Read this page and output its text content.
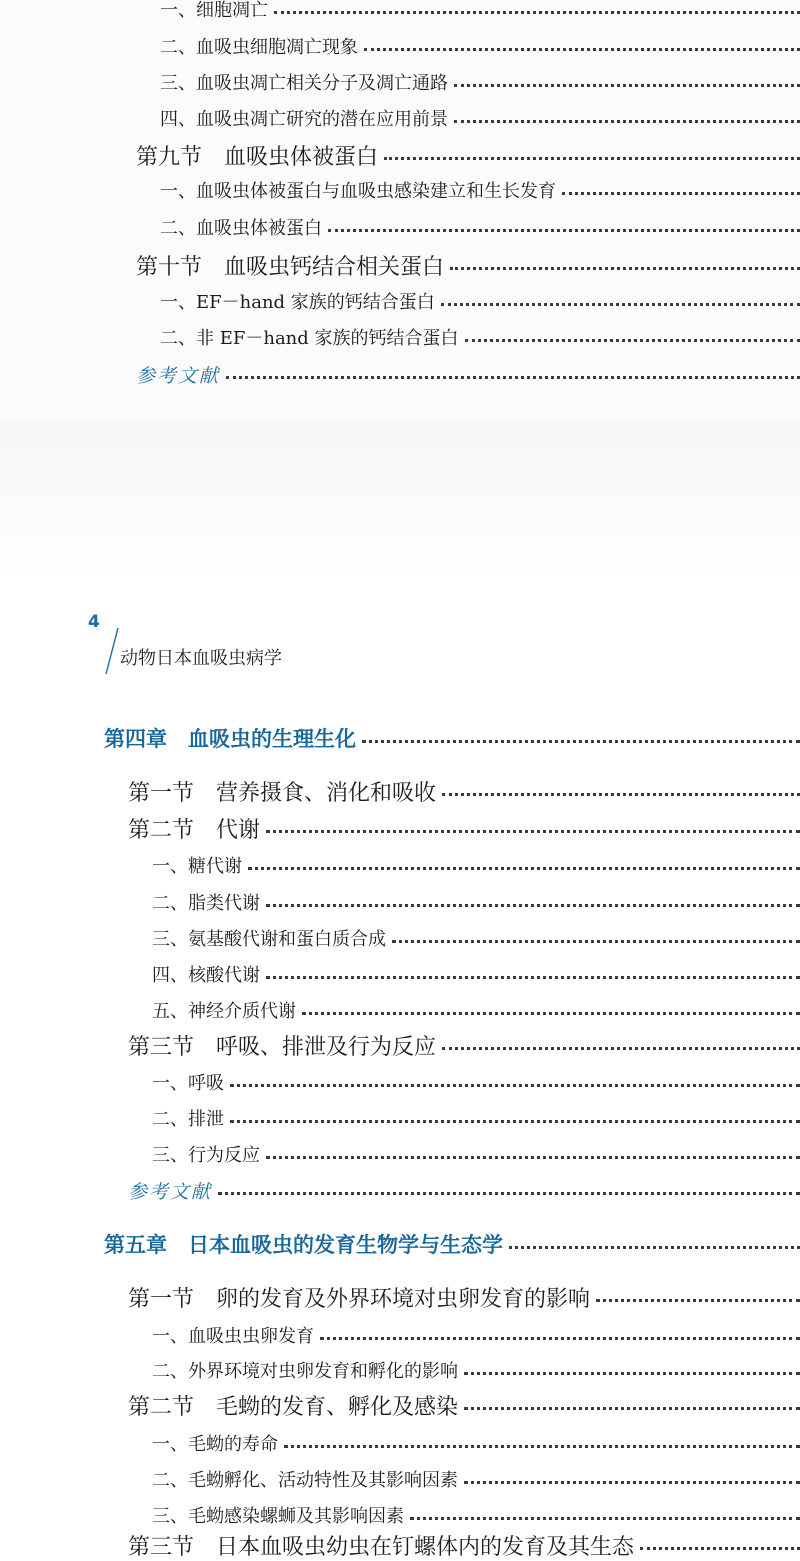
一、细胞凋亡
二、血吸虫细胞凋亡现象
三、血吸虫凋亡相关分子及凋亡通路
四、血吸虫凋亡研究的潜在应用前景
第九节　血吸虫体被蛋白
一、血吸虫体被蛋白与血吸虫感染建立和生长发育
二、血吸虫体被蛋白
第十节　血吸虫钙结合相关蛋白
一、EF－hand 家族的钙结合蛋白
二、非 EF－hand 家族的钙结合蛋白
参考文献
4
动物日本血吸虫病学
第四章　血吸虫的生理生化
第一节　营养摄食、消化和吸收
第二节　代谢
一、糖代谢
二、脂类代谢
三、氨基酸代谢和蛋白质合成
四、核酸代谢
五、神经介质代谢
第三节　呼吸、排泄及行为反应
一、呼吸
二、排泄
三、行为反应
参考文献
第五章　日本血吸虫的发育生物学与生态学
第一节　卵的发育及外界环境对虫卵发育的影响
一、血吸虫虫卵发育
二、外界环境对虫卵发育和孵化的影响
第二节　毛蚴的发育、孵化及感染
一、毛蚴的寿命
二、毛蚴孵化、活动特性及其影响因素
三、毛蚴感染螺蛳及其影响因素
第三节　日本血吸虫幼虫在钉螺体内的发育及其生态
